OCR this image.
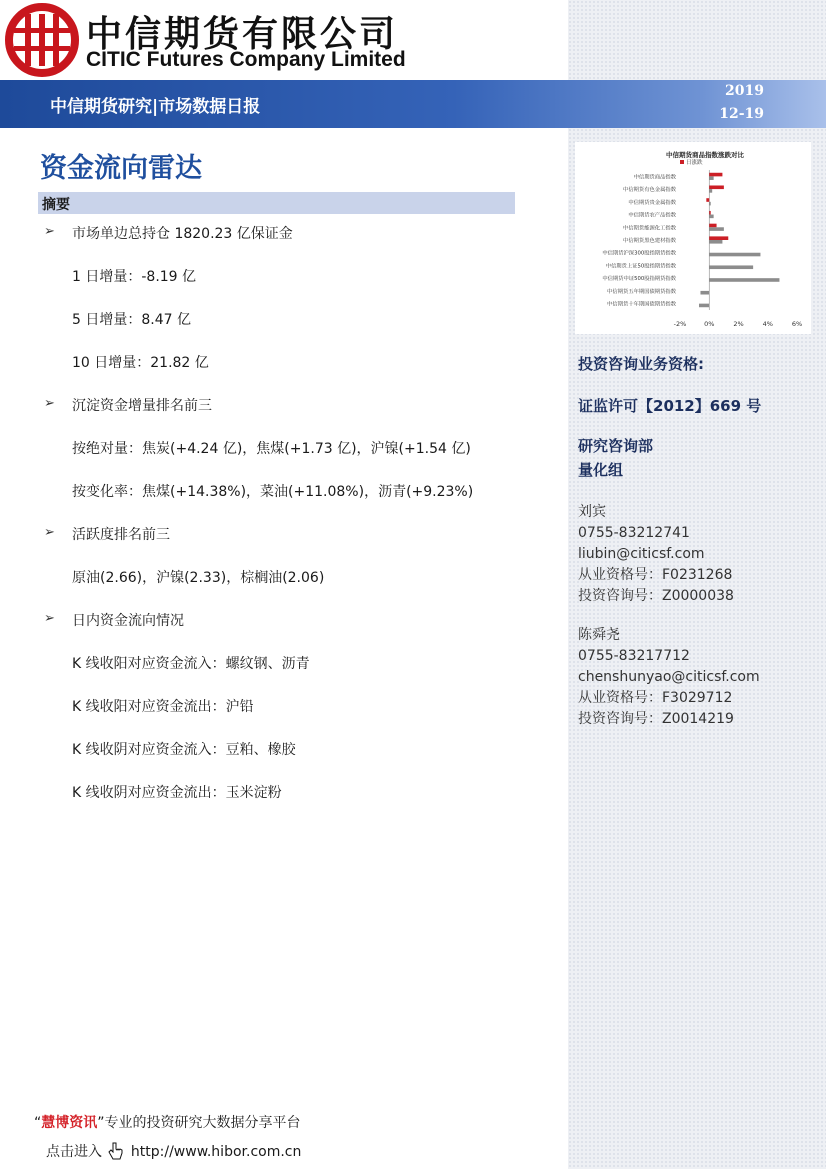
中信期货有限公司
CITIC Futures Company Limited
中信期货研究|市场数据日报
2019
12-19
资金流向雷达
摘要
➢ 市场单边总持仓 1820.23 亿保证金
1 日增量：-8.19 亿
5 日增量：8.47 亿
10 日增量：21.82 亿
➢ 沉淀资金增量排名前三
按绝对量：焦炭(+4.24 亿)，焦煤(+1.73 亿)，沪镍(+1.54 亿)
按变化率：焦煤(+14.38%)，菜油(+11.08%)，沥青(+9.23%)
➢ 活跃度排名前三
原油(2.66)，沪镍(2.33)，棕榈油(2.06)
➢ 日内资金流向情况
K 线收阳对应资金流入：螺纹钢、沥青
K 线收阳对应资金流出：沪铅
K 线收阴对应资金流入：豆粕、橡胶
K 线收阴对应资金流出：玉米淀粉
中信期货商品指数涨跌对比
日涨跌
中信期货商品指数
中信期货有色金属指数
中信期货贵金属指数
中信期货农产品指数
中信期货能源化工指数
中信期货黑色建材指数
中信期货沪深300股指期货指数
中信期货上证50股指期货指数
中信期货中证500股指期货指数
中信期货五年期国债期货指数
中信期货十年期国债期货指数
-2%	0%	2%	4%	6%
投资咨询业务资格:
证监许可【2012】669 号
研究咨询部
量化组
刘宾
0755-83212741
liubin@citicsf.com
从业资格号：F0231268
投资咨询号：Z0000038
陈舜尧
0755-83217712
chenshunyao@citicsf.com
从业资格号：F3029712
投资咨询号：Z0014219
“慧博资讯”专业的投资研究大数据分享平台
点击进入 http://www.hibor.com.cn
